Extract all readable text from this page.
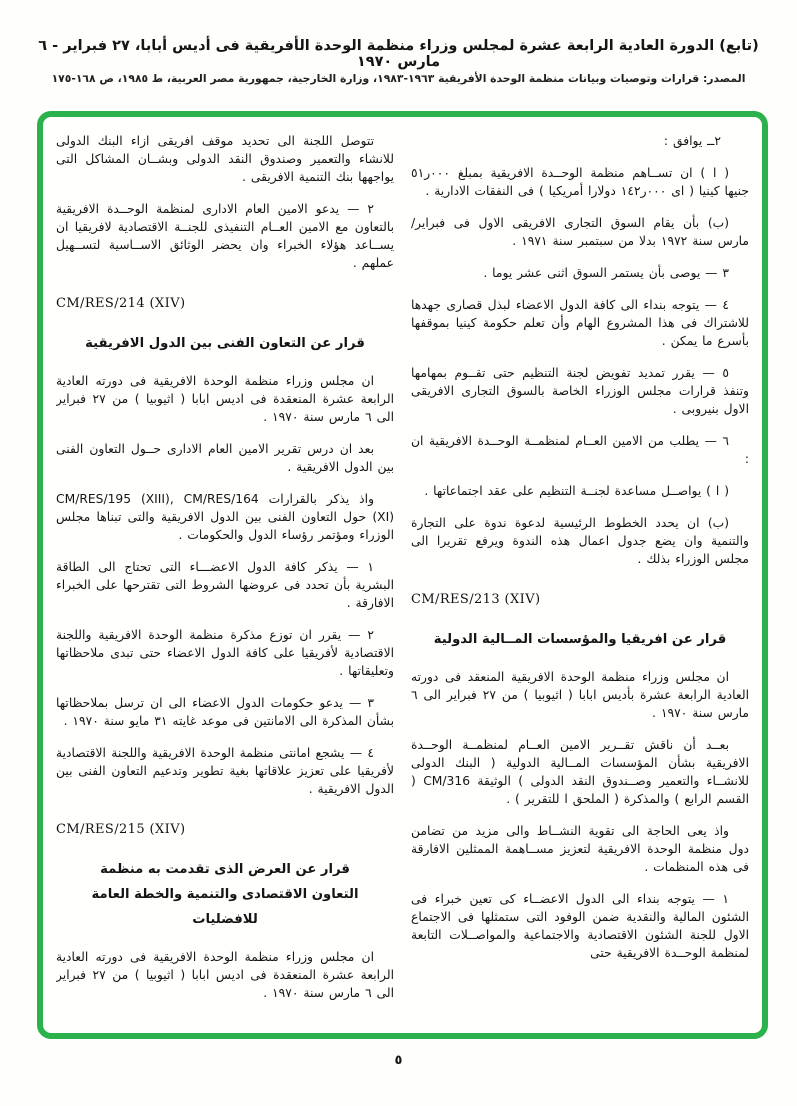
(تابع) الدورة العادية الرابعة عشرة لمجلس وزراء منظمة الوحدة الأفريقية فى أديس أبابا، ٢٧ فبراير - ٦ مارس ١٩٧٠
المصدر: قرارات وتوصيات وبيانات منظمة الوحدة الأفريقية ١٩٦٣-١٩٨٣، وزارة الخارجية، جمهورية مصر العربية، ط ١٩٨٥، ص ١٦٨-١٧٥
٢ــ يوافق :
( ا ) ان تســاهم منظمة الوحــدة الافريقية بمبلغ ٠٠٠ر٥١ جنيها كينيا ( اى ٠٠٠ر١٤٢ دولارا أمريكيا ) فى النفقات الادارية .
(ب) بأن يقام السوق التجارى الافريقى الاول فى فبراير/مارس سنة ١٩٧٢ بدلا من سبتمبر سنة ١٩٧١ .
٣ — يوصى بأن يستمر السوق اثنى عشر يوما .
٤ — يتوجه بنداء الى كافة الدول الاعضاء لبذل قصارى جهدها للاشتراك فى هذا المشروع الهام وأن تعلم حكومة كينيا بموقفها بأسرع ما يمكن .
٥ — يقرر تمديد تفويض لجنة التنظيم حتى تقــوم بمهامها وتنفذ قرارات مجلس الوزراء الخاصة بالسوق التجارى الافريقى الاول بنيروبى .
٦ — يطلب من الامين العــام لمنظمــة الوحــدة الافريقية ان :
( ا ) يواصــل مساعدة لجنــة التنظيم على عقد اجتماعاتها .
(ب) ان يحدد الخطوط الرئيسية لدعوة ندوة على التجارة والتنمية وان يضع جدول اعمال هذه الندوة ويرفع تقريرا الى مجلس الوزراء بذلك .
CM/RES/213 (XIV)
قرار عن افريقيا والمؤسسات المــالية الدولية
ان مجلس وزراء منظمة الوحدة الافريقية المنعقد فى دورته العادية الرابعة عشرة بأديس ابابا ( اثيوبيا ) من ٢٧ فبراير الى ٦ مارس سنة ١٩٧٠ .
بعــد أن ناقش تقــرير الامين العــام لمنظمــة الوحــدة الافريقية بشأن المؤسسات المــالية الدولية ( البنك الدولى للانشــاء والتعمير وصــندوق النقد الدولى ) الوثيقة CM/316 ( القسم الرابع ) والمذكرة ( الملحق ا للتقرير ) .
واذ يعى الحاجة الى تقوية النشــاط والى مزيد من تضامن دول منظمة الوحدة الافريقية لتعزيز مســاهمة الممثلين الافارقة فى هذه المنظمات .
١ — يتوجه بنداء الى الدول الاعضــاء كى تعين خبراء فى الشئون المالية والنقدية ضمن الوفود التى ستمثلها فى الاجتماع الاول للجنة الشئون الاقتصادية والاجتماعية والمواصــلات التابعة لمنظمة الوحــدة الافريقية حتى
تتوصل اللجنة الى تحديد موقف افريقى ازاء البنك الدولى للانشاء والتعمير وصندوق النقد الدولى وبشــان المشاكل التى يواجهها بنك التنمية الافريقى .
٢ — يدعو الامين العام الادارى لمنظمة الوحــدة الافريقية بالتعاون مع الامين العــام التنفيذى للجنــة الاقتصادية لافريقيا ان يســاعد هؤلاء الخبراء وان يحضر الوثائق الاســاسية لتســهيل عملهم .
CM/RES/214 (XIV)
قرار عن التعاون الفنى بين الدول الافريقية
ان مجلس وزراء منظمة الوحدة الافريقية فى دورته العادية الرابعة عشرة المنعقدة فى اديس ابابا ( اثيوبيا ) من ٢٧ فبراير الى ٦ مارس سنة ١٩٧٠ .
بعد ان درس تقرير الامين العام الادارى حــول التعاون الفنى بين الدول الافريقية .
واذ يذكر بالقرارات CM/RES/195 (XIII), CM/RES/164 (XI) حول التعاون الفنى بين الدول الافريقية والتى تبناها مجلس الوزراء ومؤتمر رؤساء الدول والحكومات .
١ — يذكر كافة الدول الاعضـــاء التى تحتاج الى الطاقة البشرية بأن تحدد فى عروضها الشروط التى تقترحها على الخبراء الافارقة .
٢ — يقرر ان توزع مذكرة منظمة الوحدة الافريقية واللجنة الاقتصادية لأفريقيا على كافة الدول الاعضاء حتى تبدى ملاحظاتها وتعليقاتها .
٣ — يدعو حكومات الدول الاعضاء الى ان ترسل بملاحظاتها بشأن المذكرة الى الامانتين فى موعد غايته ٣١ مايو سنة ١٩٧٠ .
٤ — يشجع امانتى منظمة الوحدة الافريقية واللجنة الاقتصادية لأفريقيا على تعزيز علاقاتها بغية تطوير وتدعيم التعاون الفنى بين الدول الافريقية .
CM/RES/215 (XIV)
قرار عن العرض الذى تقدمت به منظمة التعاون الاقتصادى والتنمية والخطة العامة للافضليات
ان مجلس وزراء منظمة الوحدة الافريقية فى دورته العادية الرابعة عشرة المنعقدة فى اديس ابابا ( اثيوبيا ) من ٢٧ فبراير الى ٦ مارس سنة ١٩٧٠ .
٥
